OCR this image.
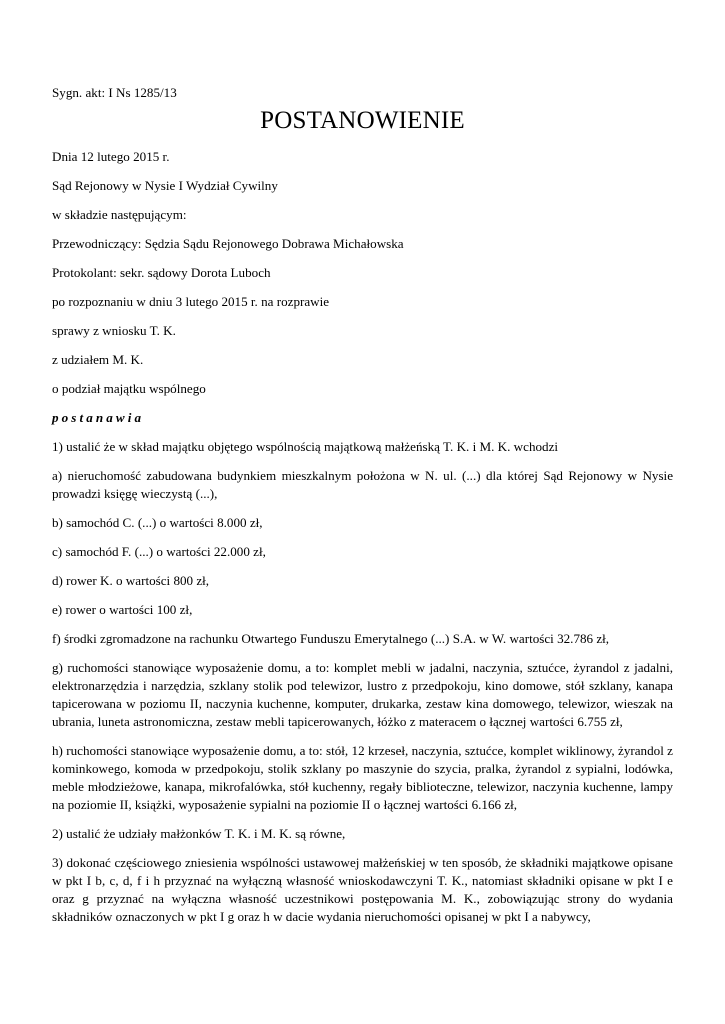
Sygn. akt: I Ns 1285/13
POSTANOWIENIE
Dnia 12 lutego 2015 r.
Sąd Rejonowy w Nysie I Wydział Cywilny
w składzie następującym:
Przewodniczący: Sędzia Sądu Rejonowego Dobrawa Michałowska
Protokolant: sekr. sądowy Dorota Luboch
po rozpoznaniu w dniu 3 lutego 2015 r. na rozprawie
sprawy z wniosku T. K.
z udziałem M. K.
o podział majątku wspólnego
postanawia
1) ustalić że w skład majątku objętego wspólnością majątkową małżeńską T. K. i M. K. wchodzi
a) nieruchomość zabudowana budynkiem mieszkalnym położona w N. ul. (...) dla której Sąd Rejonowy w Nysie prowadzi księgę wieczystą (...),
b) samochód C. (...) o wartości 8.000 zł,
c) samochód F. (...) o wartości 22.000 zł,
d) rower K. o wartości 800 zł,
e) rower o wartości 100 zł,
f) środki zgromadzone na rachunku Otwartego Funduszu Emerytalnego (...) S.A. w W. wartości 32.786 zł,
g) ruchomości stanowiące wyposażenie domu, a to: komplet mebli w jadalni, naczynia, sztućce, żyrandol z jadalni, elektronarzędzia i narzędzia, szklany stolik pod telewizor, lustro z przedpokoju, kino domowe, stół szklany, kanapa tapicerowana w poziomu II, naczynia kuchenne, komputer, drukarka, zestaw kina domowego, telewizor, wieszak na ubrania, luneta astronomiczna, zestaw mebli tapicerowanych, łóżko z materacem o łącznej wartości 6.755 zł,
h) ruchomości stanowiące wyposażenie domu, a to: stół, 12 krzeseł, naczynia, sztućce, komplet wiklinowy, żyrandol z kominkowego, komoda w przedpokoju, stolik szklany po maszynie do szycia, pralka, żyrandol z sypialni, lodówka, meble młodzieżowe, kanapa, mikrofalówka, stół kuchenny, regały biblioteczne, telewizor, naczynia kuchenne, lampy na poziomie II, książki, wyposażenie sypialni na poziomie II o łącznej wartości 6.166 zł,
2) ustalić że udziały małżonków T. K. i M. K. są równe,
3) dokonać częściowego zniesienia wspólności ustawowej małżeńskiej w ten sposób, że składniki majątkowe opisane w pkt I b, c, d, f i h przyznać na wyłączną własność wnioskodawczyni T. K., natomiast składniki opisane w pkt I e oraz g przyznać na wyłączna własność uczestnikowi postępowania M. K., zobowiązując strony do wydania składników oznaczonych w pkt I g oraz h w dacie wydania nieruchomości opisanej w pkt I a nabywcy,
